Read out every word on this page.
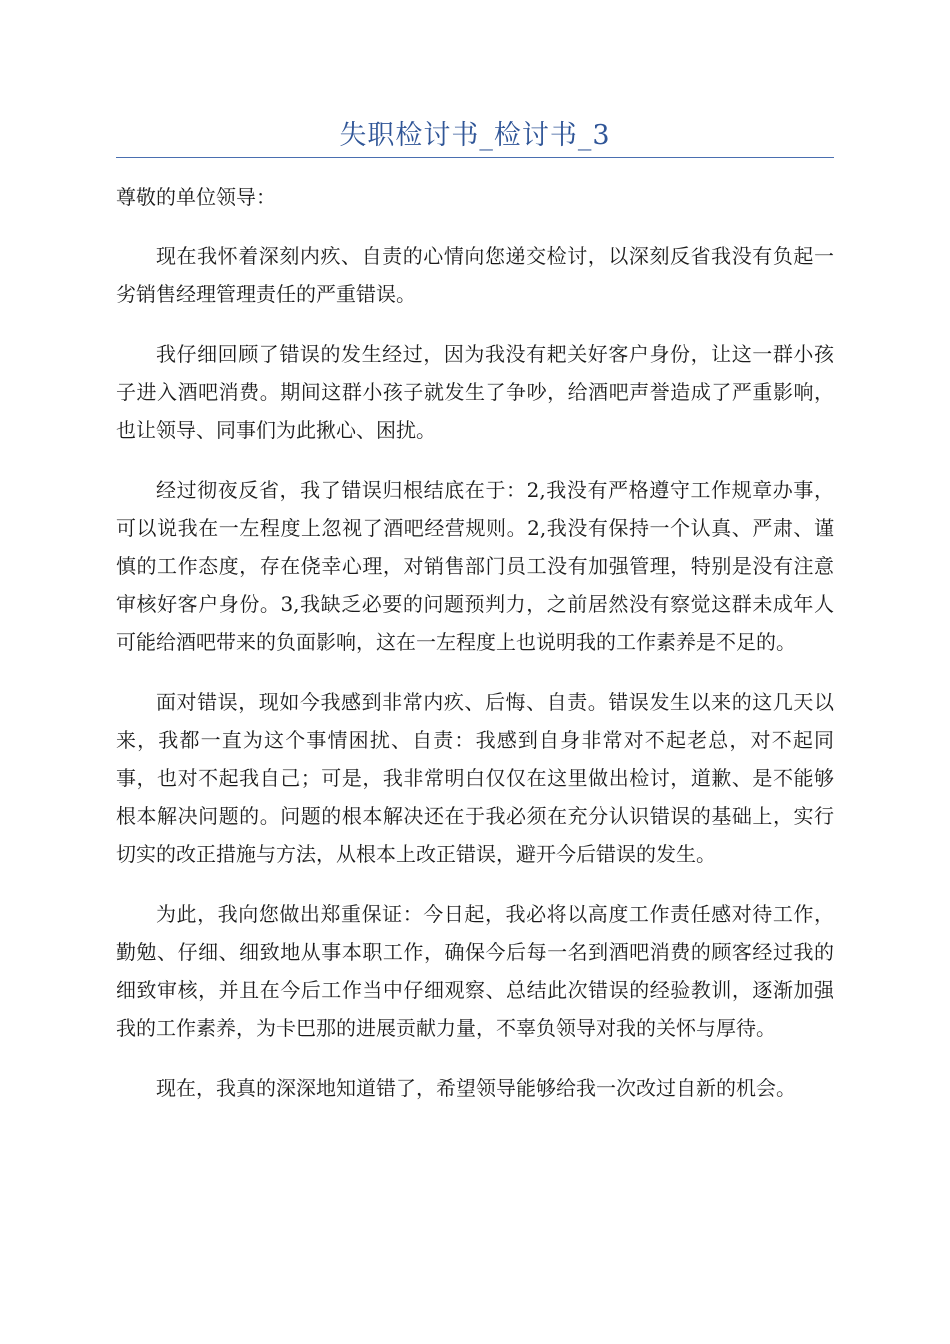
失职检讨书_检讨书_3
尊敬的单位领导：

现在我怀着深刻内疚、自责的心情向您递交检讨，以深刻反省我没有负起一劣销售经理管理责任的严重错误。

我仔细回顾了错误的发生经过，因为我没有耙关好客户身份，让这一群小孩子进入酒吧消费。期间这群小孩子就发生了争吵，给酒吧声誉造成了严重影响，也让领导、同事们为此揪心、困扰。

经过彻夜反省，我了错误归根结底在于：2,我没有严格遵守工作规章办事，可以说我在一左程度上忽视了酒吧经营规则。2,我没有保持一个认真、严肃、谨慎的工作态度，存在侥幸心理，对销售部门员工没有加强管理，特别是没有注意审核好客户身份。3,我缺乏必要的问题预判力，之前居然没有察觉这群未成年人可能给酒吧带来的负面影响，这在一左程度上也说明我的工作素养是不足的。

面对错误，现如今我感到非常内疚、后悔、自责。错误发生以来的这几天以来，我都一直为这个事情困扰、自责：我感到自身非常对不起老总，对不起同事，也对不起我自己；可是，我非常明白仅仅在这里做出检讨，道歉、是不能够根本解决问题的。问题的根本解决还在于我必须在充分认识错误的基础上，实行切实的改正措施与方法，从根本上改正错误，避开今后错误的发生。

为此，我向您做出郑重保证：今日起，我必将以高度工作责任感对待工作，勤勉、仔细、细致地从事本职工作，确保今后每一名到酒吧消费的顾客经过我的细致审核，并且在今后工作当中仔细观察、总结此次错误的经验教训，逐渐加强我的工作素养，为卡巴那的进展贡献力量，不辜负领导对我的关怀与厚待。

现在，我真的深深地知道错了，希望领导能够给我一次改过自新的机会。
